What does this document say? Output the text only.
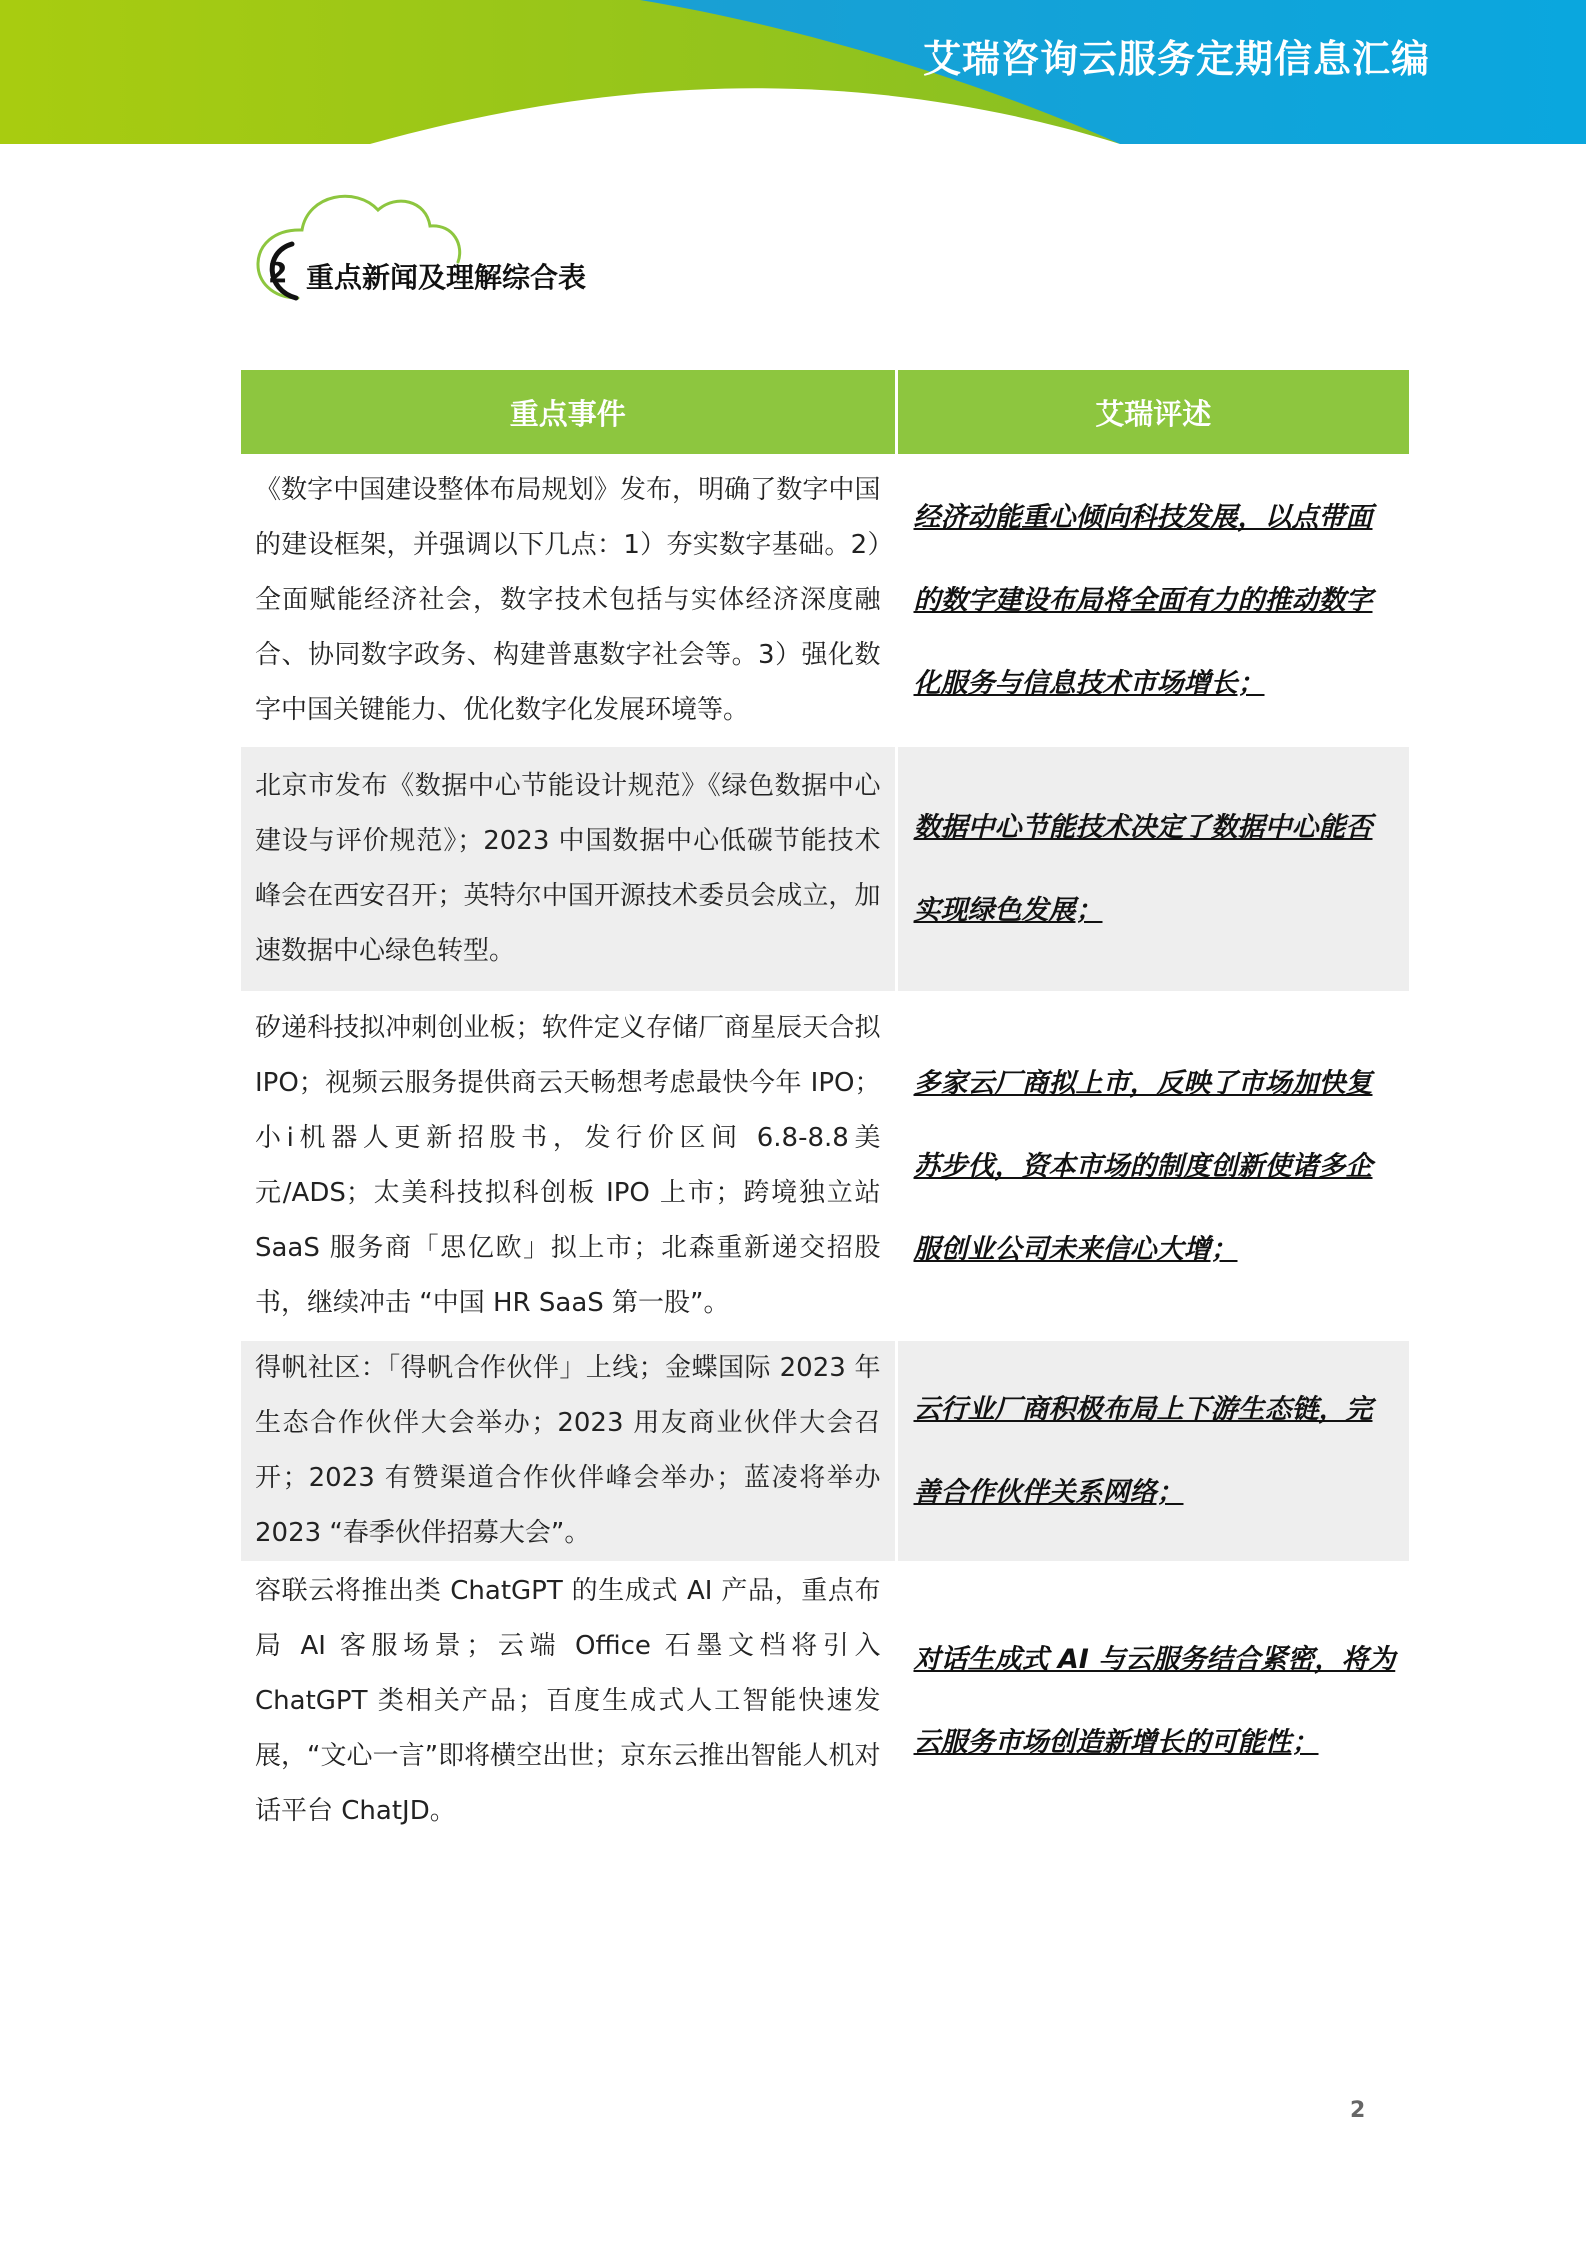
艾瑞咨询云服务定期信息汇编
2 重点新闻及理解综合表
重点事件	艾瑞评述
《数字中国建设整体布局规划》发布，明确了数字中国的建设框架，并强调以下几点：1）夯实数字基础。2）全面赋能经济社会，数字技术包括与实体经济深度融合、协同数字政务、构建普惠数字社会等。3）强化数字中国关键能力、优化数字化发展环境等。	经济动能重心倾向科技发展，以点带面的数字建设布局将全面有力的推动数字化服务与信息技术市场增长；
北京市发布《数据中心节能设计规范》《绿色数据中心建设与评价规范》；2023 中国数据中心低碳节能技术峰会在西安召开；英特尔中国开源技术委员会成立，加速数据中心绿色转型。	数据中心节能技术决定了数据中心能否实现绿色发展；
矽递科技拟冲刺创业板；软件定义存储厂商星辰天合拟IPO；视频云服务提供商云天畅想考虑最快今年 IPO；小i机器人更新招股书，发行价区间 6.8-8.8美元/ADS；太美科技拟科创板 IPO 上市；跨境独立站 SaaS 服务商「思亿欧」拟上市；北森重新递交招股书，继续冲击 “中国 HR SaaS 第一股”。	多家云厂商拟上市，反映了市场加快复苏步伐，资本市场的制度创新使诸多企服创业公司未来信心大增；
得帆社区：「得帆合作伙伴」上线；金蝶国际 2023 年生态合作伙伴大会举办；2023 用友商业伙伴大会召开；2023 有赞渠道合作伙伴峰会举办；蓝凌将举办 2023 “春季伙伴招募大会”。	云行业厂商积极布局上下游生态链，完善合作伙伴关系网络；
容联云将推出类 ChatGPT 的生成式 AI 产品，重点布局 AI 客服场景；云端 Office 石墨文档将引入 ChatGPT 类相关产品；百度生成式人工智能快速发展，“文心一言”即将横空出世；京东云推出智能人机对话平台 ChatJD。	对话生成式 AI 与云服务结合紧密，将为云服务市场创造新增长的可能性；
2
